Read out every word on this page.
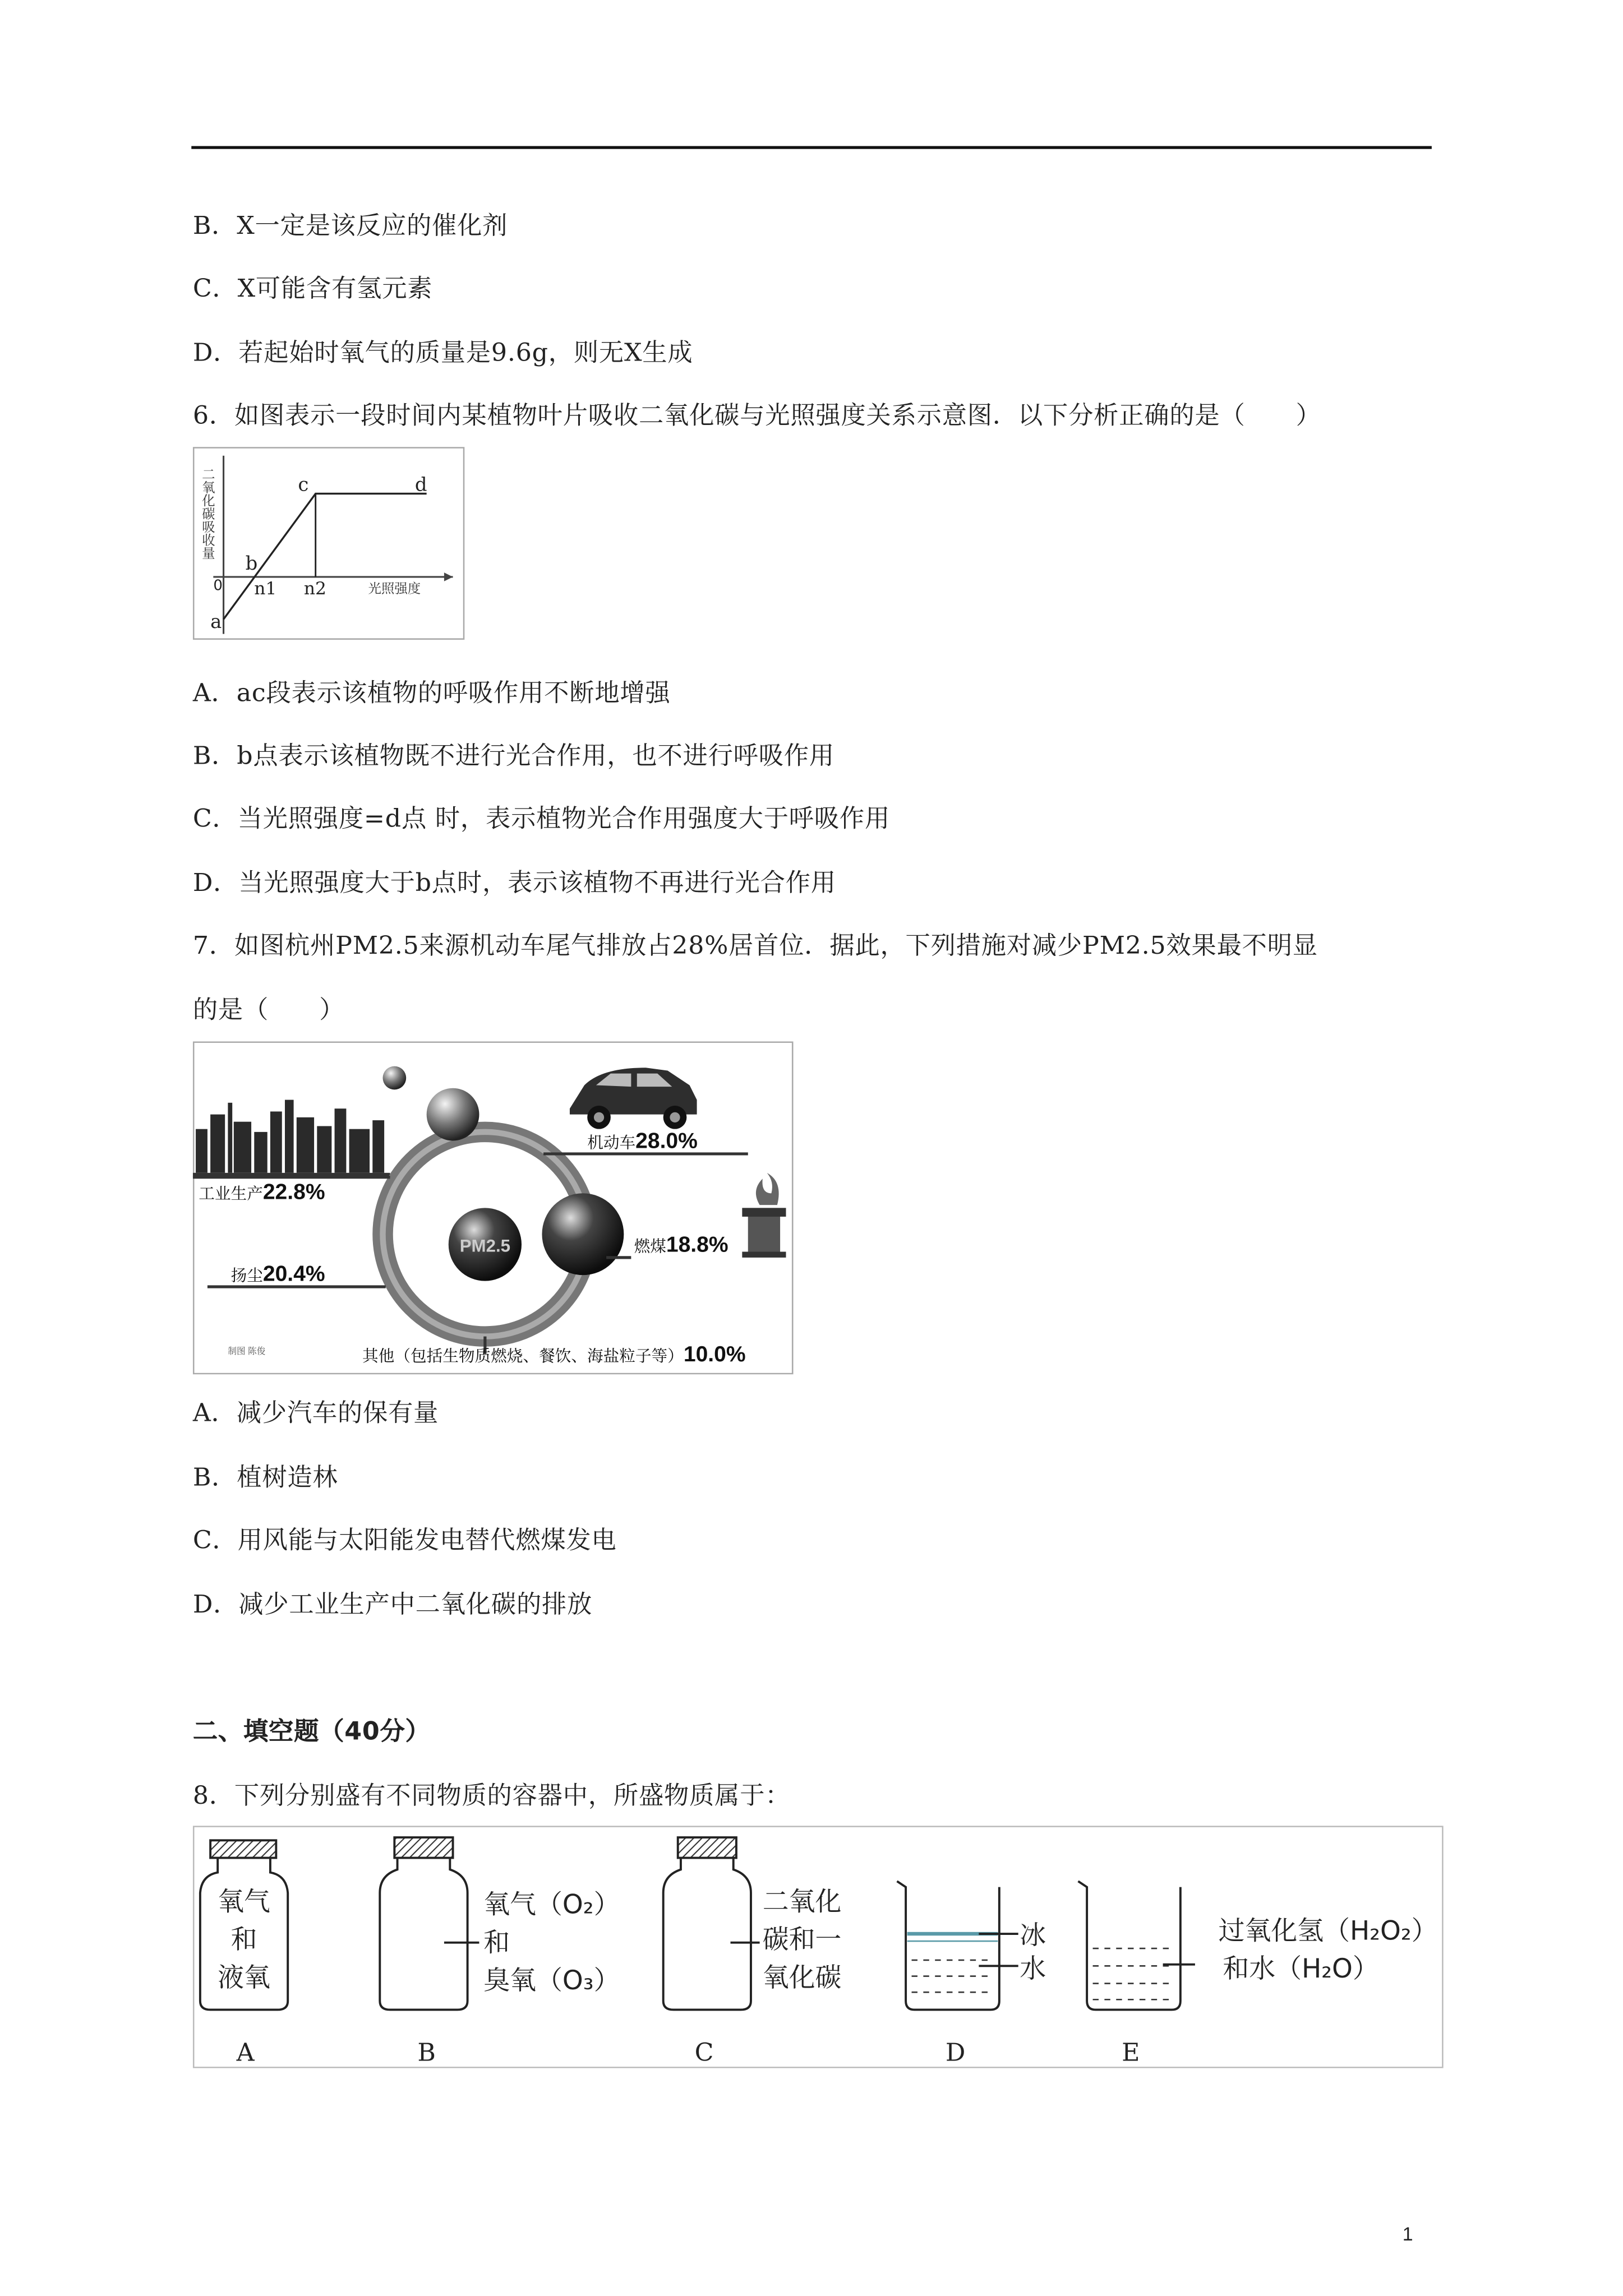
B．X一定是该反应的催化剂
C．X可能含有氢元素
D．若起始时氧气的质量是9.6g，则无X生成
6．如图表示一段时间内某植物叶片吸收二氧化碳与光照强度关系示意图．以下分析正确的是（　　）
二氧化碳吸收量
0
a
b
c	d
n1	n2	光照强度
A．ac段表示该植物的呼吸作用不断地增强
B．b点表示该植物既不进行光合作用，也不进行呼吸作用
C．当光照强度=d点 时，表示植物光合作用强度大于呼吸作用
D．当光照强度大于b点时，表示该植物不再进行光合作用
7．如图杭州PM2.5来源机动车尾气排放占28%居首位．据此，下列措施对减少PM2.5效果最不明显
的是（　　）
PM2.5
机动车28.0%
工业生产22.8%
扬尘20.4%
燃煤18.8%
其他（包括生物质燃烧、餐饮、海盐粒子等）10.0%
制图 陈俊
A．减少汽车的保有量
B．植树造林
C．用风能与太阳能发电替代燃煤发电
D．减少工业生产中二氧化碳的排放
二、填空题（40分）
8．下列分别盛有不同物质的容器中，所盛物质属于：
氧气
和
液氧
氧气（O₂）
和
臭氧（O₃）
二氧化
碳和一
氧化碳
冰
水
过氧化氢（H₂O₂）
和水（H₂O）
A	B	C	D	E
1
